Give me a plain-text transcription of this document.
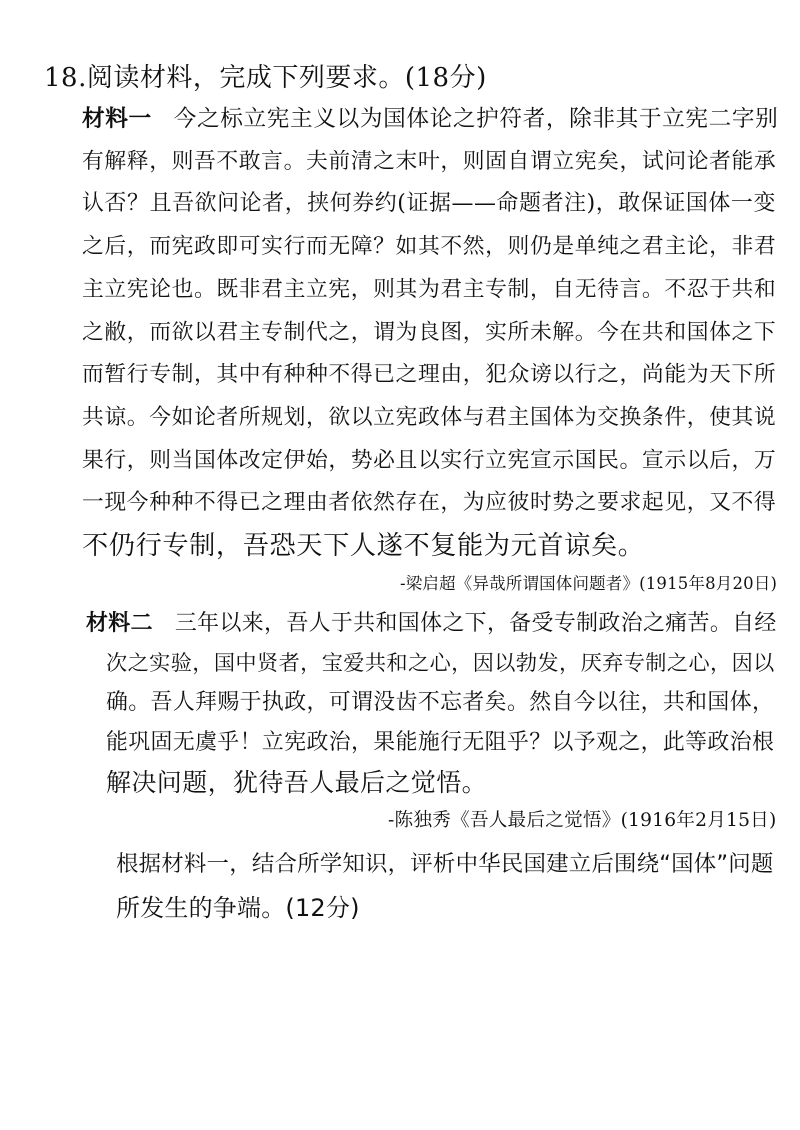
18.阅读材料，完成下列要求。(18分)
材料一 今之标立宪主义以为国体论之护符者，除非其于立宪二字别
有解释，则吾不敢言。夫前清之末叶，则固自谓立宪矣，试问论者能承
认否？且吾欲问论者，挟何券约(证据——命题者注)，敢保证国体一变
之后，而宪政即可实行而无障？如其不然，则仍是单纯之君主论，非君
主立宪论也。既非君主立宪，则其为君主专制，自无待言。不忍于共和
之敝，而欲以君主专制代之，谓为良图，实所未解。今在共和国体之下
而暂行专制，其中有种种不得已之理由，犯众谤以行之，尚能为天下所
共谅。今如论者所规划，欲以立宪政体与君主国体为交换条件，使其说
果行，则当国体改定伊始，势必且以实行立宪宣示国民。宣示以后，万
一现今种种不得已之理由者依然存在，为应彼时势之要求起见，又不得
不仍行专制，吾恐天下人遂不复能为元首谅矣。
-梁启超《异哉所谓国体问题者》(1915年8月20日)
材料二 三年以来，吾人于共和国体之下，备受专制政治之痛苦。自经
次之实验，国中贤者，宝爱共和之心，因以勃发，厌弃专制之心，因以
确。吾人拜赐于执政，可谓没齿不忘者矣。然自今以往，共和国体，
能巩固无虞乎！立宪政治，果能施行无阻乎？以予观之，此等政治根
解决问题，犹待吾人最后之觉悟。
-陈独秀《吾人最后之觉悟》(1916年2月15日)
根据材料一，结合所学知识，评析中华民国建立后围绕“国体”问题
所发生的争端。(12分)
